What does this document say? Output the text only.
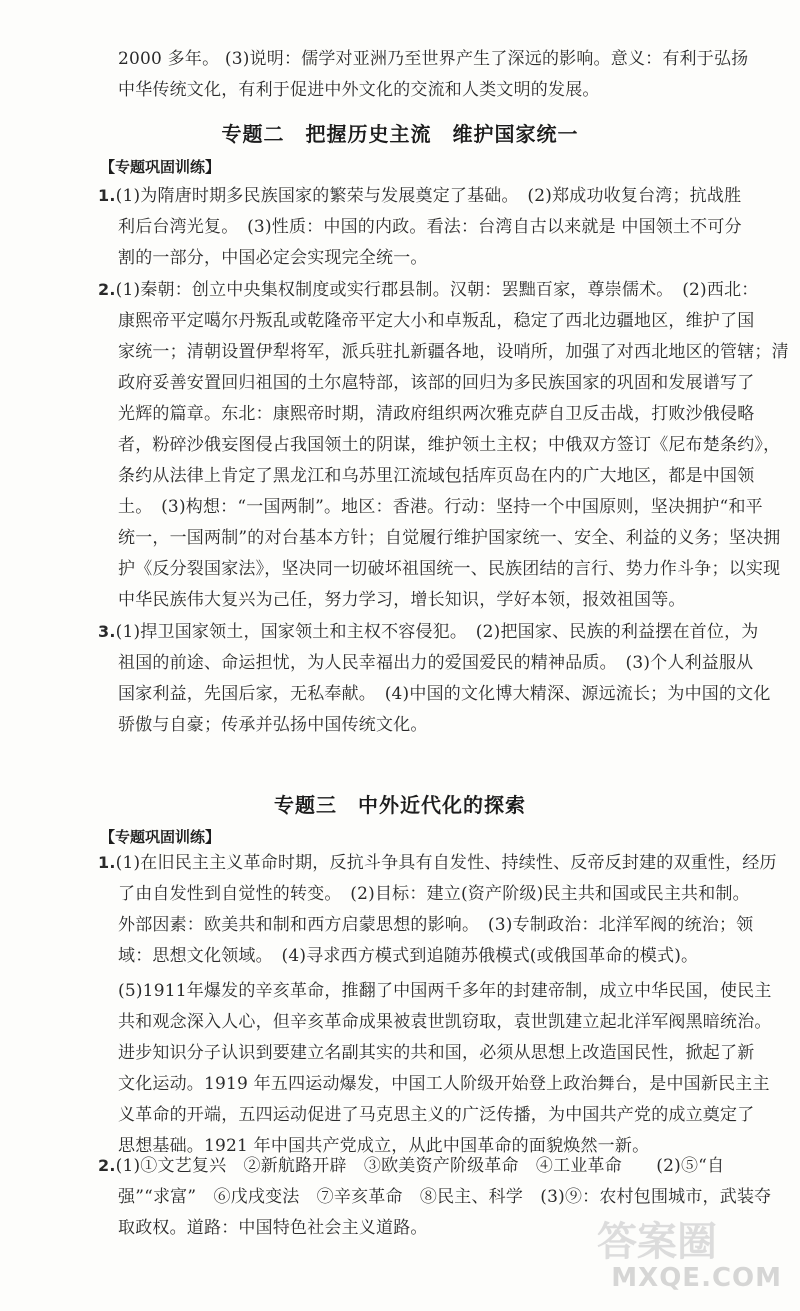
2000 多年。 (3)说明：儒学对亚洲乃至世界产生了深远的影响。意义：有利于弘扬
中华传统文化，有利于促进中外文化的交流和人类文明的发展。

专题二　把握历史主流　维护国家统一
【专题巩固训练】

1.(1)为隋唐时期多民族国家的繁荣与发展奠定了基础。　(2)郑成功收复台湾；抗战胜
利后台湾光复。　(3)性质：中国的内政。看法：台湾自古以来就是 中国领土不可分
割的一部分，中国必定会实现完全统一。

2.(1)秦朝：创立中央集权制度或实行郡县制。汉朝：罢黜百家，尊崇儒术。　(2)西北：
康熙帝平定噶尔丹叛乱或乾隆帝平定大小和卓叛乱，稳定了西北边疆地区，维护了国
家统一；清朝设置伊犁将军，派兵驻扎新疆各地，设哨所，加强了对西北地区的管辖；清
政府妥善安置回归祖国的土尔扈特部，该部的回归为多民族国家的巩固和发展谱写了
光辉的篇章。东北：康熙帝时期，清政府组织两次雅克萨自卫反击战，打败沙俄侵略
者，粉碎沙俄妄图侵占我国领土的阴谋，维护领土主权；中俄双方签订《尼布楚条约》，
条约从法律上肯定了黑龙江和乌苏里江流域包括库页岛在内的广大地区，都是中国领
土。　(3)构想：“一国两制”。地区：香港。行动：坚持一个中国原则，坚决拥护“和平
统一，一国两制”的对台基本方针；自觉履行维护国家统一、安全、利益的义务；坚决拥
护《反分裂国家法》，坚决同一切破坏祖国统一、民族团结的言行、势力作斗争；以实现
中华民族伟大复兴为己任，努力学习，增长知识，学好本领，报效祖国等。

3.(1)捍卫国家领土，国家领土和主权不容侵犯。　(2)把国家、民族的利益摆在首位，为
祖国的前途、命运担忧，为人民幸福出力的爱国爱民的精神品质。　(3)个人利益服从
国家利益，先国后家，无私奉献。　(4)中国的文化博大精深、源远流长；为中国的文化
骄傲与自豪；传承并弘扬中国传统文化。

专题三　中外近代化的探索
【专题巩固训练】

1.(1)在旧民主主义革命时期，反抗斗争具有自发性、持续性、反帝反封建的双重性，经历
了由自发性到自觉性的转变。　(2)目标：建立(资产阶级)民主共和国或民主共和制。
外部因素：欧美共和制和西方启蒙思想的影响。　(3)专制政治：北洋军阀的统治；领
域：思想文化领域。　(4)寻求西方模式到追随苏俄模式(或俄国革命的模式)。

(5)1911年爆发的辛亥革命，推翻了中国两千多年的封建帝制，成立中华民国，使民主
共和观念深入人心，但辛亥革命成果被袁世凯窃取，袁世凯建立起北洋军阀黑暗统治。
进步知识分子认识到要建立名副其实的共和国，必须从思想上改造国民性，掀起了新
文化运动。1919 年五四运动爆发，中国工人阶级开始登上政治舞台，是中国新民主主
义革命的开端，五四运动促进了马克思主义的广泛传播，为中国共产党的成立奠定了
思想基础。1921 年中国共产党成立，从此中国革命的面貌焕然一新。

2.(1)①文艺复兴　②新航路开辟　③欧美资产阶级革命　④工业革命　　(2)⑤“自
强”“求富”　⑥戊戌变法　⑦辛亥革命　⑧民主、科学　(3)⑨：农村包围城市，武装夺
取政权。道路：中国特色社会主义道路。	答案圈
MXQE.COM
